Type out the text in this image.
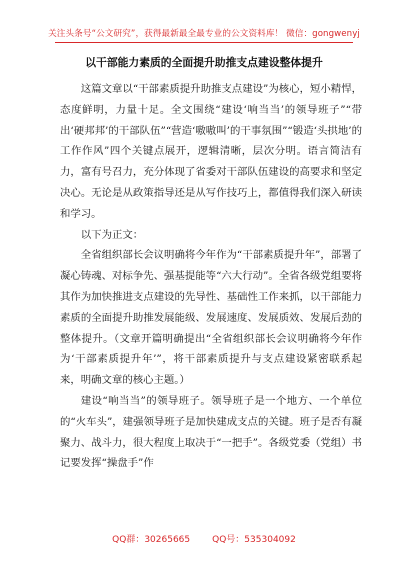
关注头条号“公文研究”，获得最新最全最专业的公文资料库！ 微信：gongwenyj
以干部能力素质的全面提升助推支点建设整体提升

这篇文章以“干部素质提升助推支点建设”为核心，短小精悍，态度鲜明，力量十足。全文围绕“建设‘响当当’的领导班子”“带出‘硬邦邦’的干部队伍”“营造‘嗷嗷叫’的干事氛围”“锻造‘头拱地’的工作作风”四个关键点展开，逻辑清晰，层次分明。语言简洁有力，富有号召力，充分体现了省委对干部队伍建设的高要求和坚定决心。无论是从政策指导还是从写作技巧上，都值得我们深入研读和学习。

以下为正文：

全省组织部长会议明确将今年作为“干部素质提升年”，部署了凝心铸魂、对标争先、强基提能等“六大行动”。全省各级党组要将其作为加快推进支点建设的先导性、基础性工作来抓，以干部能力素质的全面提升助推发展能级、发展速度、发展质效、发展后劲的整体提升。（文章开篇明确提出“全省组织部长会议明确将今年作为‘干部素质提升年’”，将干部素质提升与支点建设紧密联系起来，明确文章的核心主题。）

建设“响当当”的领导班子。领导班子是一个地方、一个单位的“火车头”，建强领导班子是加快建成支点的关键。班子是否有凝聚力、战斗力，很大程度上取决于“一把手”。各级党委（党组）书记要发挥“操盘手”作

QQ群：30265665 QQ号：535304092
